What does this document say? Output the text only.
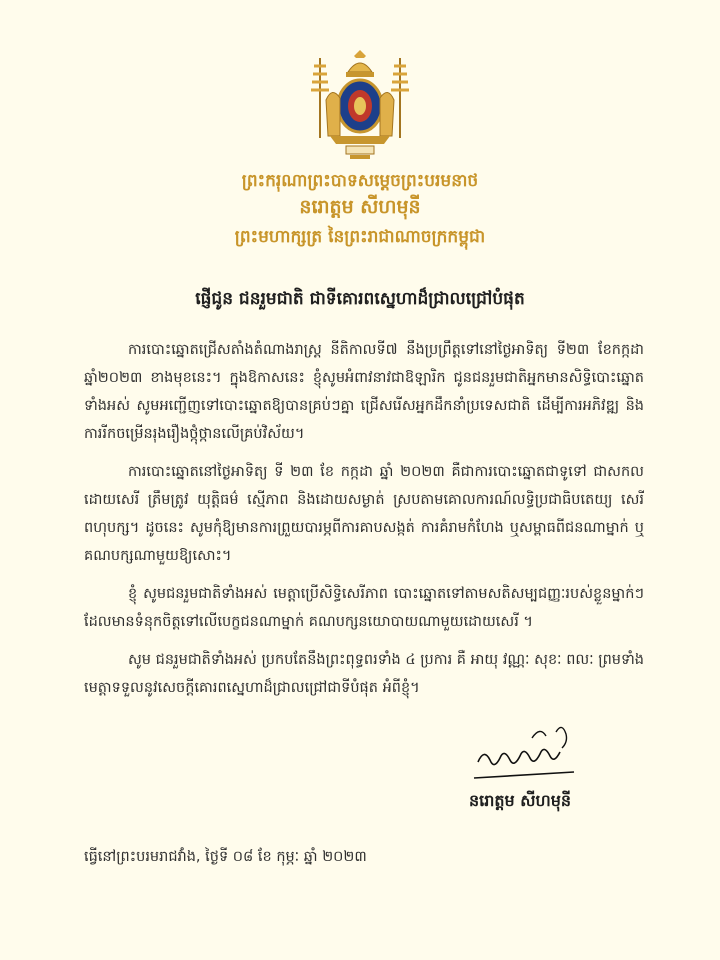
ព្រះករុណាព្រះបាទសម្តេចព្រះបរមនាថ
នរោត្តម សីហមុនី
ព្រះមហាក្សត្រ នៃព្រះរាជាណាចក្រកម្ពុជា
ផ្ញើជូន ជនរួមជាតិ ជាទីគោរពស្នេហាដ៏ជ្រាលជ្រៅបំផុត

ការបោះឆ្នោតជ្រើសតាំងតំណាងរាស្ត្រ នីតិកាលទី៧ នឹងប្រព្រឹត្តទៅនៅថ្ងៃអាទិត្យ ទី២៣ ខែកក្កដា ឆ្នាំ២០២៣ ខាងមុខនេះ។ ក្នុងឱកាសនេះ ខ្ញុំសូមអំពាវនាវជាឱឡារិក ជូនជនរួមជាតិអ្នកមានសិទ្ធិបោះឆ្នោតទាំងអស់ សូមអញ្ជើញទៅបោះឆ្នោតឱ្យបានគ្រប់ៗគ្នា ជ្រើសរើសអ្នកដឹកនាំប្រទេសជាតិ ដើម្បីការអភិវឌ្ឍ និងការរីកចម្រើនរុងរឿងថ្កុំថ្កានលើគ្រប់វិស័យ។

ការបោះឆ្នោតនៅថ្ងៃអាទិត្យ ទី ២៣ ខែ កក្កដា ឆ្នាំ ២០២៣ គឺជាការបោះឆ្នោតជាទូទៅ ជាសកល ដោយសេរី ត្រឹមត្រូវ យុត្តិធម៌ ស្មើភាព និងដោយសម្ងាត់ ស្របតាមគោលការណ៍លទ្ធិប្រជាធិបតេយ្យ សេរី ពហុបក្ស។ ដូចនេះ សូមកុំឱ្យមានការព្រួយបារម្ភពីការគាបសង្កត់ ការគំរាមកំហែង ឬសម្ពាធពីជនណាម្នាក់ ឬគណបក្សណាមួយឱ្យសោះ។

ខ្ញុំ សូមជនរួមជាតិទាំងអស់ មេត្តាប្រើសិទ្ធិសេរីភាព បោះឆ្នោតទៅតាមសតិសម្បជញ្ញៈរបស់ខ្លួនម្នាក់ៗ ដែលមានទំនុកចិត្តទៅលើបេក្ខជនណាម្នាក់ គណបក្សនយោបាយណាមួយដោយសេរី ។

សូម ជនរួមជាតិទាំងអស់ ប្រកបតែនឹងព្រះពុទ្ធពរទាំង ៤ ប្រការ គឺ អាយុ វណ្ណៈ សុខៈ ពលៈ ព្រមទាំងមេត្តាទទួលនូវសេចក្តីគោរពស្នេហាដ៏ជ្រាលជ្រៅជាទីបំផុត អំពីខ្ញុំ។

នរោត្តម សីហមុនី
ធ្វើនៅព្រះបរមរាជវាំង, ថ្ងៃទី ០៨ ខែ កុម្ភៈ ឆ្នាំ ២០២៣
